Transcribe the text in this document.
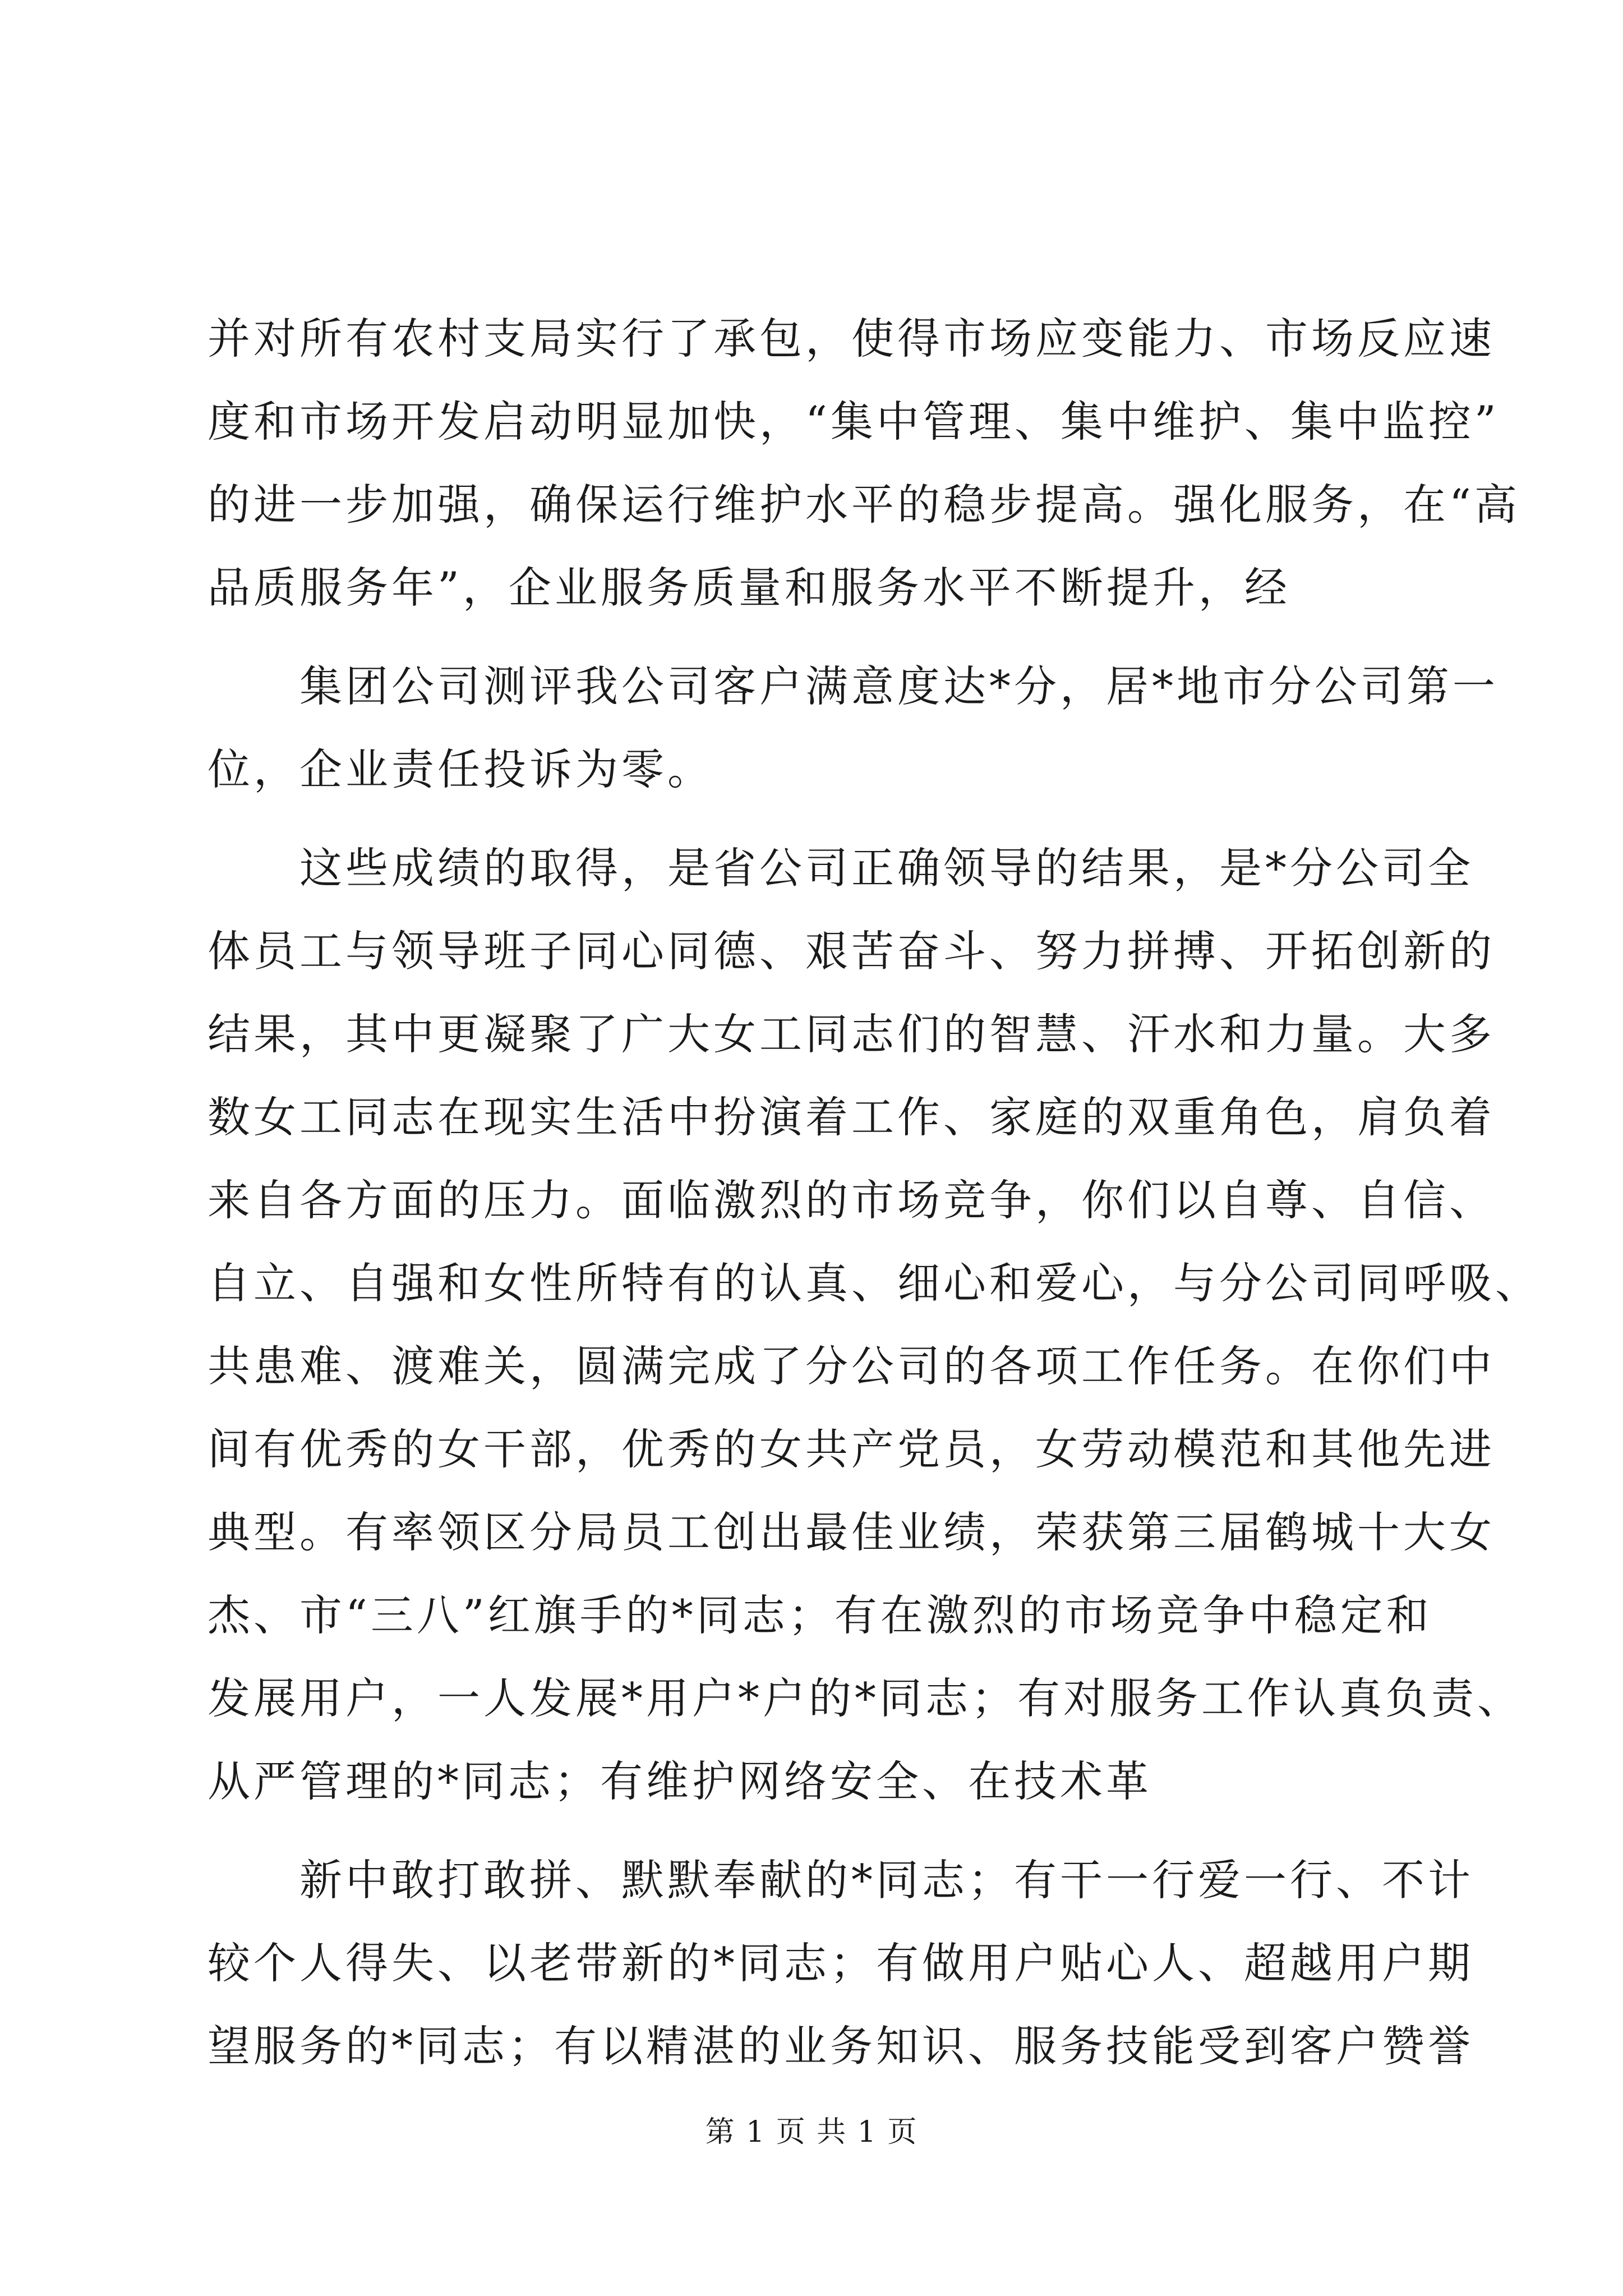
并对所有农村支局实行了承包，使得市场应变能力、市场反应速
度和市场开发启动明显加快，“集中管理、集中维护、集中监控”
的进一步加强，确保运行维护水平的稳步提高。强化服务，在“高
品质服务年”，企业服务质量和服务水平不断提升，经
　　集团公司测评我公司客户满意度达*分，居*地市分公司第一
位，企业责任投诉为零。
　　这些成绩的取得，是省公司正确领导的结果，是*分公司全
体员工与领导班子同心同德、艰苦奋斗、努力拼搏、开拓创新的
结果，其中更凝聚了广大女工同志们的智慧、汗水和力量。大多
数女工同志在现实生活中扮演着工作、家庭的双重角色，肩负着
来自各方面的压力。面临激烈的市场竞争，你们以自尊、自信、
自立、自强和女性所特有的认真、细心和爱心，与分公司同呼吸、
共患难、渡难关，圆满完成了分公司的各项工作任务。在你们中
间有优秀的女干部，优秀的女共产党员，女劳动模范和其他先进
典型。有率领区分局员工创出最佳业绩，荣获第三届鹤城十大女
杰、市“三八”红旗手的*同志；有在激烈的市场竞争中稳定和
发展用户，一人发展*用户*户的*同志；有对服务工作认真负责、
从严管理的*同志；有维护网络安全、在技术革
　　新中敢打敢拼、默默奉献的*同志；有干一行爱一行、不计
较个人得失、以老带新的*同志；有做用户贴心人、超越用户期
望服务的*同志；有以精湛的业务知识、服务技能受到客户赞誉
第 1 页 共 1 页
